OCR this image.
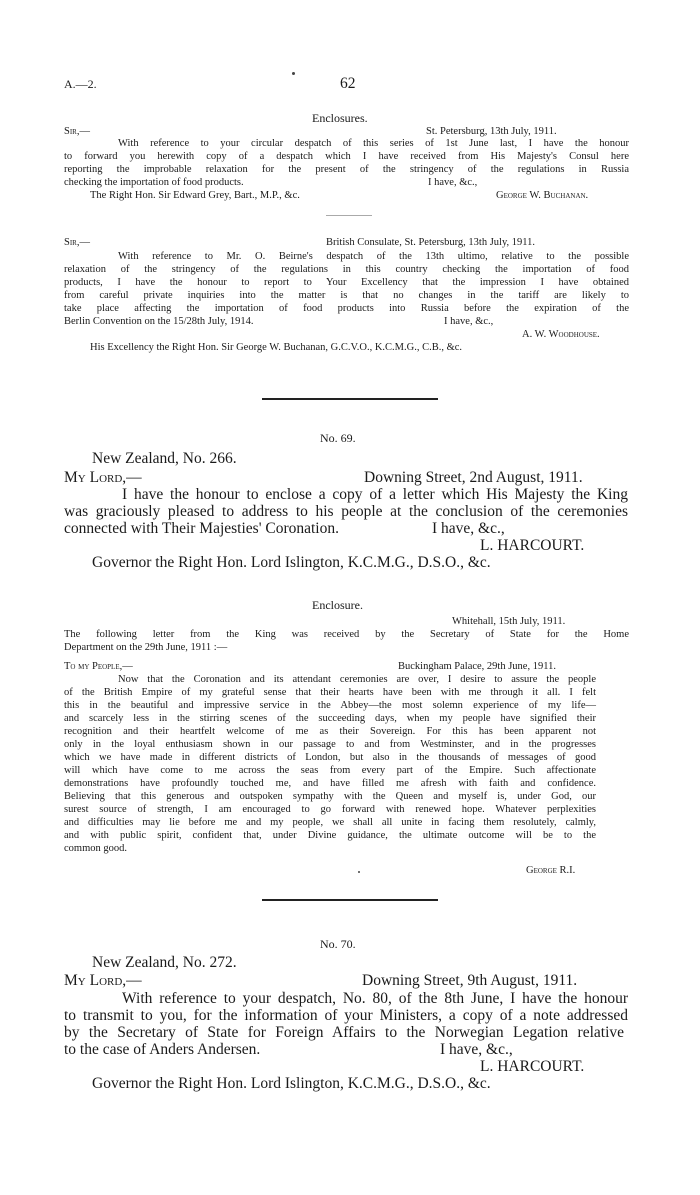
A.—2.	62
Enclosures.
Sir,—	St. Petersburg, 13th July, 1911.
With reference to your circular despatch of this series of 1st June last, I have the honour
to forward you herewith copy of a despatch which I have received from His Majesty's Consul here
reporting the improbable relaxation for the present of the stringency of the regulations in Russia
checking the importation of food products.	I have, &c.,
The Right Hon. Sir Edward Grey, Bart., M.P., &c.	George W. Buchanan.
Sir,—	British Consulate, St. Petersburg, 13th July, 1911.
With reference to Mr. O. Beirne's despatch of the 13th ultimo, relative to the possible
relaxation of the stringency of the regulations in this country checking the importation of food
products, I have the honour to report to Your Excellency that the impression I have obtained
from careful private inquiries into the matter is that no changes in the tariff are likely to
take place affecting the importation of food products into Russia before the expiration of the
Berlin Convention on the 15/28th July, 1914.	I have, &c.,
A. W. Woodhouse.
His Excellency the Right Hon. Sir George W. Buchanan, G.C.V.O., K.C.M.G., C.B., &c.
No. 69.
New Zealand, No. 266.
My Lord,—	Downing Street, 2nd August, 1911.
I have the honour to enclose a copy of a letter which His Majesty the King
was graciously pleased to address to his people at the conclusion of the ceremonies
connected with Their Majesties' Coronation.	I have, &c.,
L. HARCOURT.
Governor the Right Hon. Lord Islington, K.C.M.G., D.S.O., &c.
Enclosure.
Whitehall, 15th July, 1911.
The following letter from the King was received by the Secretary of State for the Home
Department on the 29th June, 1911 :—
To my People,—	Buckingham Palace, 29th June, 1911.
Now that the Coronation and its attendant ceremonies are over, I desire to assure the people
of the British Empire of my grateful sense that their hearts have been with me through it all. I felt
this in the beautiful and impressive service in the Abbey—the most solemn experience of my life—
and scarcely less in the stirring scenes of the succeeding days, when my people have signified their
recognition and their heartfelt welcome of me as their Sovereign. For this has been apparent not
only in the loyal enthusiasm shown in our passage to and from Westminster, and in the progresses
which we have made in different districts of London, but also in the thousands of messages of good
will which have come to me across the seas from every part of the Empire. Such affectionate
demonstrations have profoundly touched me, and have filled me afresh with faith and confidence.
Believing that this generous and outspoken sympathy with the Queen and myself is, under God, our
surest source of strength, I am encouraged to go forward with renewed hope. Whatever perplexities
and difficulties may lie before me and my people, we shall all unite in facing them resolutely, calmly,
and with public spirit, confident that, under Divine guidance, the ultimate outcome will be to the
common good.
George R.I.
No. 70.
New Zealand, No. 272.
My Lord,—	Downing Street, 9th August, 1911.
With reference to your despatch, No. 80, of the 8th June, I have the honour
to transmit to you, for the information of your Ministers, a copy of a note addressed
by the Secretary of State for Foreign Affairs to the Norwegian Legation relative
to the case of Anders Andersen.	I have, &c.,
L. HARCOURT.
Governor the Right Hon. Lord Islington, K.C.M.G., D.S.O., &c.
